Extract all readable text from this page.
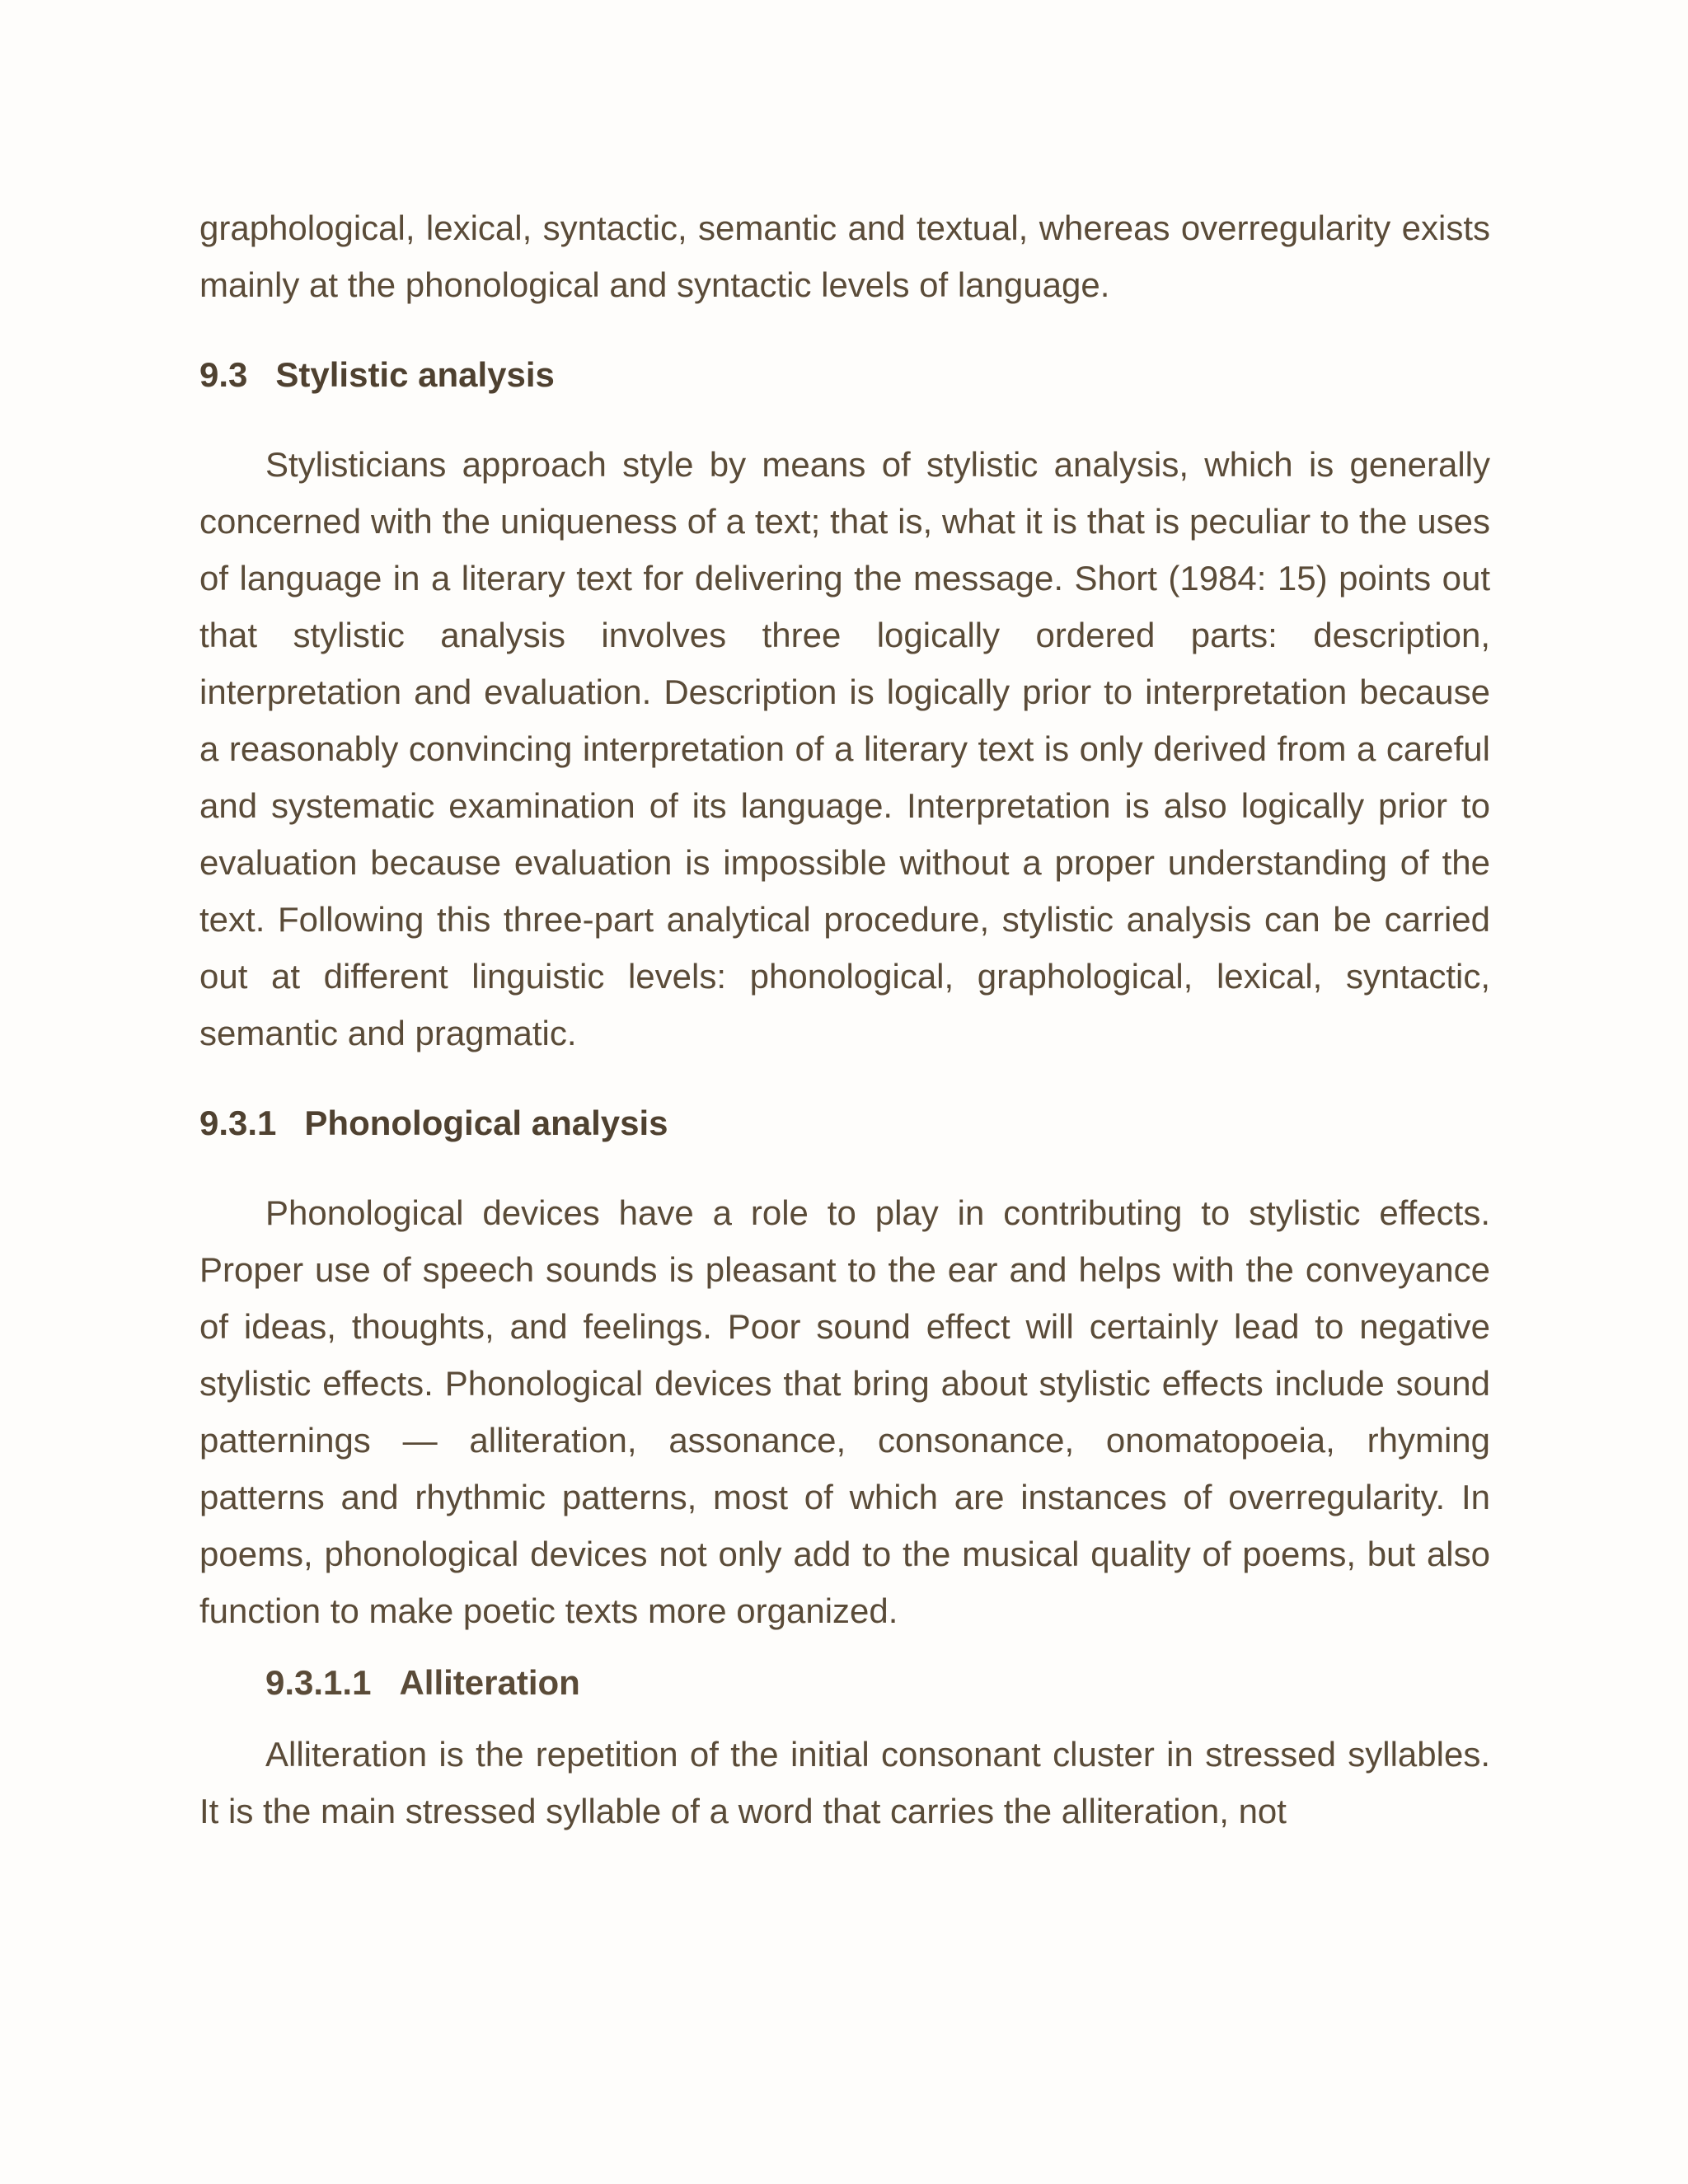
graphological, lexical, syntactic, semantic and textual, whereas overregularity exists mainly at the phonological and syntactic levels of language.

9.3 Stylistic analysis

Stylisticians approach style by means of stylistic analysis, which is generally concerned with the uniqueness of a text; that is, what it is that is peculiar to the uses of language in a literary text for delivering the message. Short (1984: 15) points out that stylistic analysis involves three logically ordered parts: description, interpretation and evaluation. Description is logically prior to interpretation because a reasonably convincing interpretation of a literary text is only derived from a careful and systematic examination of its language. Interpretation is also logically prior to evaluation because evaluation is impossible without a proper understanding of the text. Following this three-part analytical procedure, stylistic analysis can be carried out at different linguistic levels: phonological, graphological, lexical, syntactic, semantic and pragmatic.

9.3.1 Phonological analysis

Phonological devices have a role to play in contributing to stylistic effects. Proper use of speech sounds is pleasant to the ear and helps with the conveyance of ideas, thoughts, and feelings. Poor sound effect will certainly lead to negative stylistic effects. Phonological devices that bring about stylistic effects include sound patternings — alliteration, assonance, consonance, onomatopoeia, rhyming patterns and rhythmic patterns, most of which are instances of overregularity. In poems, phonological devices not only add to the musical quality of poems, but also function to make poetic texts more organized.

9.3.1.1 Alliteration

Alliteration is the repetition of the initial consonant cluster in stressed syllables. It is the main stressed syllable of a word that carries the alliteration, not
